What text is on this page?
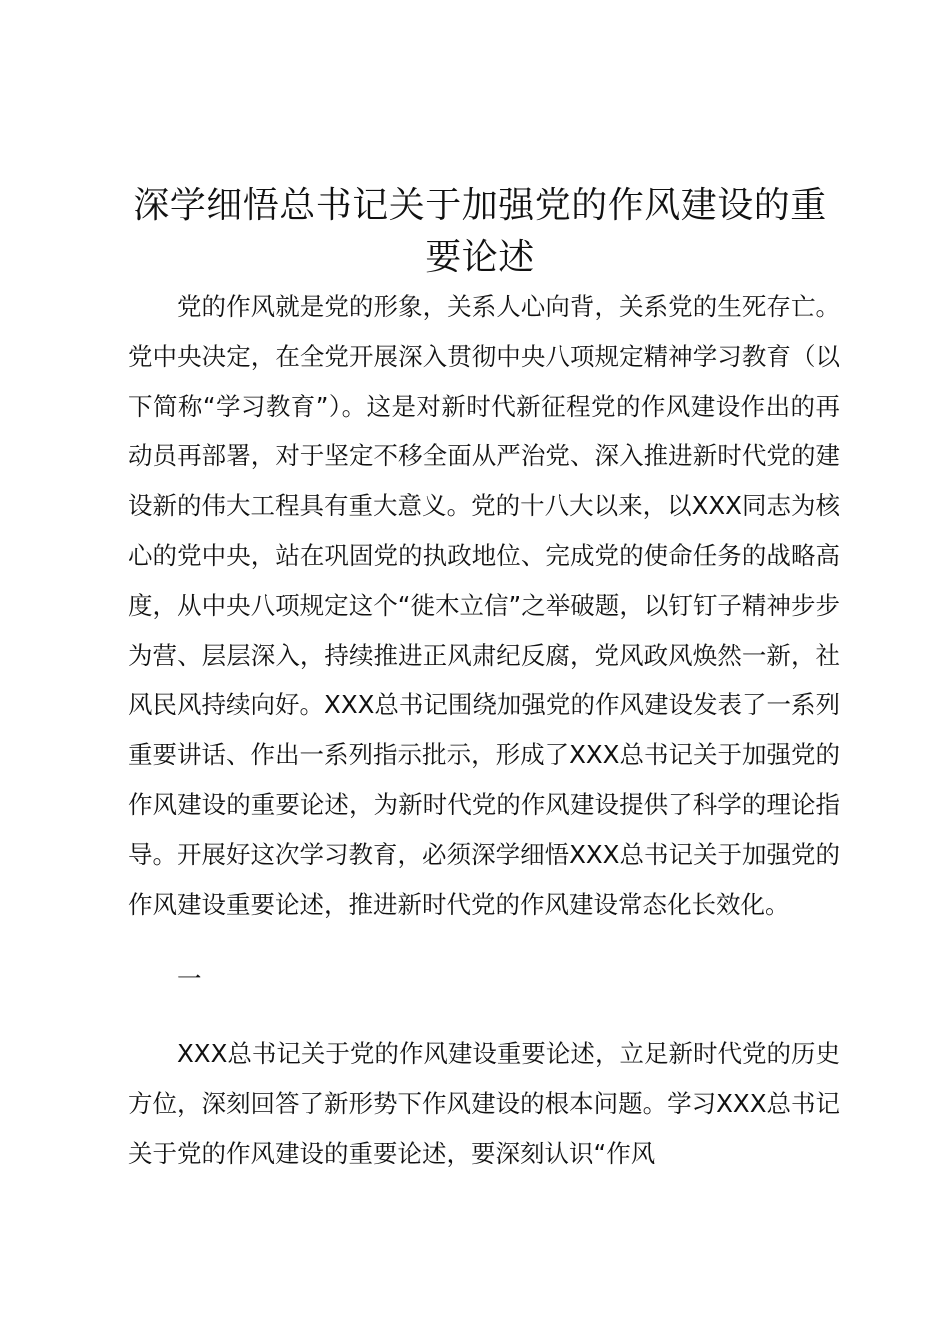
深学细悟总书记关于加强党的作风建设的重要论述

党的作风就是党的形象，关系人心向背，关系党的生死存亡。党中央决定，在全党开展深入贯彻中央八项规定精神学习教育（以下简称“学习教育”）。这是对新时代新征程党的作风建设作出的再动员再部署，对于坚定不移全面从严治党、深入推进新时代党的建设新的伟大工程具有重大意义。党的十八大以来，以XXX同志为核心的党中央，站在巩固党的执政地位、完成党的使命任务的战略高度，从中央八项规定这个“徙木立信”之举破题，以钉钉子精神步步为营、层层深入，持续推进正风肃纪反腐，党风政风焕然一新，社风民风持续向好。XXX总书记围绕加强党的作风建设发表了一系列重要讲话、作出一系列指示批示，形成了XXX总书记关于加强党的作风建设的重要论述，为新时代党的作风建设提供了科学的理论指导。开展好这次学习教育，必须深学细悟XXX总书记关于加强党的作风建设重要论述，推进新时代党的作风建设常态化长效化。

一

XXX总书记关于党的作风建设重要论述，立足新时代党的历史方位，深刻回答了新形势下作风建设的根本问题。学习XXX总书记关于党的作风建设的重要论述，要深刻认识“作风
